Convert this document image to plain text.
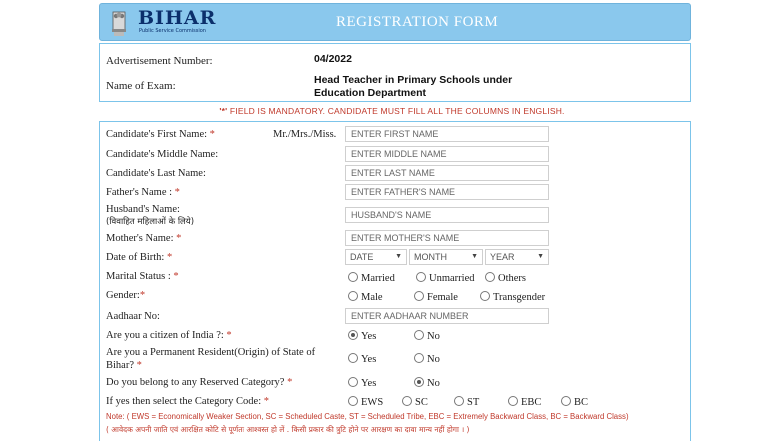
BIHAR
Public Service Commission
REGISTRATION FORM
Advertisement Number:	04/2022
Name of Exam:	Head Teacher in Primary Schools under
Education Department
'*' FIELD IS MANDATORY. CANDIDATE MUST FILL ALL THE COLUMNS IN ENGLISH.
Candidate's First Name: *	Mr./Mrs./Miss.
ENTER FIRST NAME
Candidate's Middle Name:
ENTER MIDDLE NAME
Candidate's Last Name:
ENTER LAST NAME
Father's Name : *
ENTER FATHER'S NAME
Husband's Name:
(विवाहित महिलाओं के लिये)
HUSBAND'S NAME
Mother's Name: *
ENTER MOTHER'S NAME
Date of Birth: *	DATE	▼	MONTH	▼	YEAR	▼
Marital Status : *	Married	Unmarried	Others
Gender:*	Male	Female	Transgender
Aadhaar No:
ENTER AADHAAR NUMBER
Are you a citizen of India ?: *	Yes	No
Are you a Permanent Resident(Origin) of State of
Bihar? *
Yes	No
Do you belong to any Reserved Category? *	Yes	No
If yes then select the Category Code: *	EWS	SC	ST	EBC	BC
Note: ( EWS = Economically Weaker Section, SC = Scheduled Caste, ST = Scheduled Tribe, EBC = Extremely Backward Class, BC = Backward Class)
( आवेदक अपनी जाति एवं आरक्षित कोटि से पूर्णतः आश्वस्त हो लें . किसी प्रकार की त्रुटि होने पर आरक्षण का दावा मान्य नहीं होगा । )
